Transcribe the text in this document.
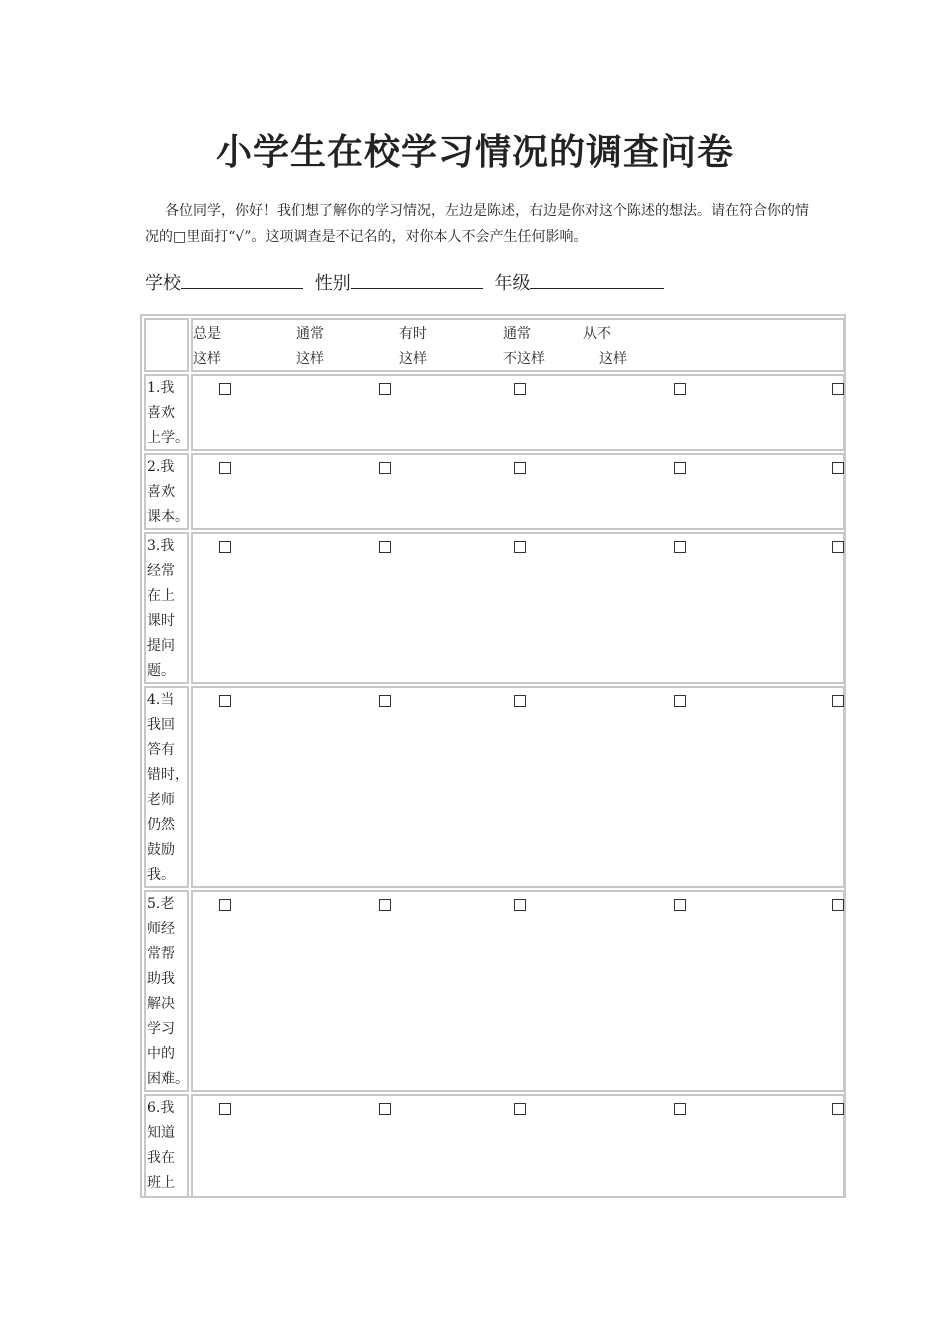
小学生在校学习情况的调查问卷

各位同学，你好！我们想了解你的学习情况，左边是陈述，右边是你对这个陈述的想法。请在符合你的情况的□里面打“√”。这项调查是不记名的，对你本人不会产生任何影响。

学校	性别	年级
总是
这样
通常
这样
有时
这样
通常
不这样
从不
这样
1.我
喜欢
上学。
2.我
喜欢
课本。
3.我
经常
在上
课时
提问
题。
4.当
我回
答有
错时，
老师
仍然
鼓励
我。
5.老
师经
常帮
助我
解决
学习
中的
困难。
6.我
知道
我在
班上
